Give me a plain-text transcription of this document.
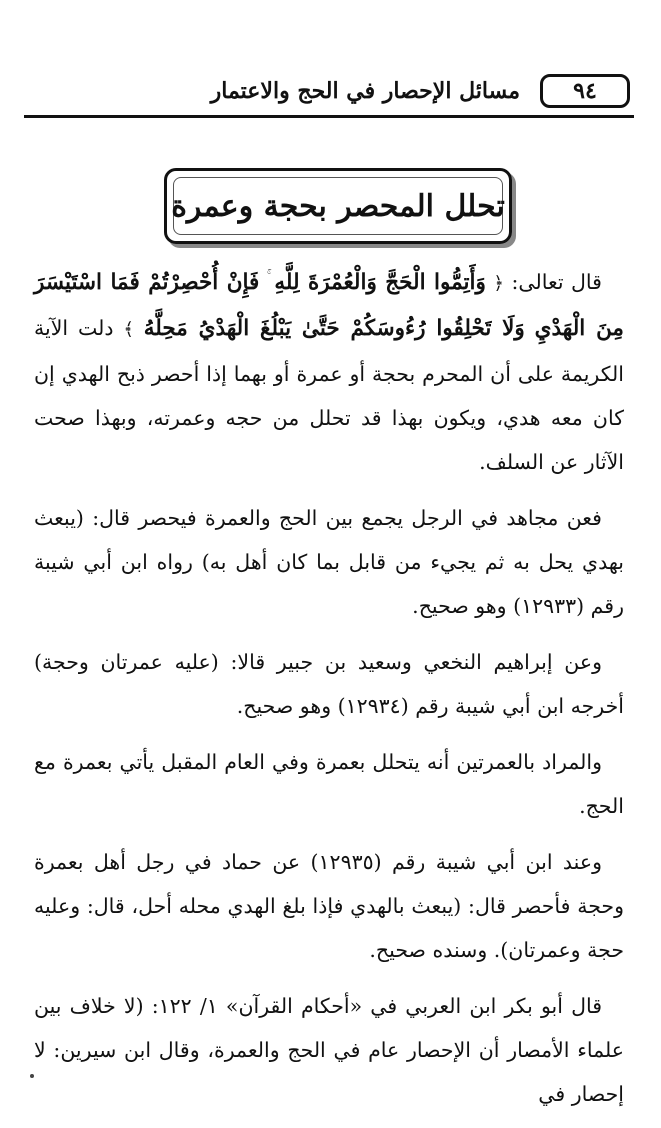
٩٤
مسائل الإحصار في الحج والاعتمار
تحلل المحصر بحجة وعمرة

قال تعالى: ﴿ وَأَتِمُّوا الْحَجَّ وَالْعُمْرَةَ لِلَّهِ فَإِنْ أُحْصِرْتُمْ فَمَا اسْتَيْسَرَ مِنَ الْهَدْيِ وَلَا تَحْلِقُوا رُءُوسَكُمْ حَتَّىٰ يَبْلُغَ الْهَدْيُ مَحِلَّهُ ﴾ دلت الآية الكريمة على أن المحرم بحجة أو عمرة أو بهما إذا أحصر ذبح الهدي إن كان معه هدي، ويكون بهذا قد تحلل من حجه وعمرته، وبهذا صحت الآثار عن السلف.

فعن مجاهد في الرجل يجمع بين الحج والعمرة فيحصر قال: (يبعث بهدي يحل به ثم يجيء من قابل بما كان أهل به) رواه ابن أبي شيبة رقم (١٢٩٣٣) وهو صحيح.

وعن إبراهيم النخعي وسعيد بن جبير قالا: (عليه عمرتان وحجة) أخرجه ابن أبي شيبة رقم (١٢٩٣٤) وهو صحيح.

والمراد بالعمرتين أنه يتحلل بعمرة وفي العام المقبل يأتي بعمرة مع الحج.

وعند ابن أبي شيبة رقم (١٢٩٣٥) عن حماد في رجل أهل بعمرة وحجة فأحصر قال: (يبعث بالهدي فإذا بلغ الهدي محله أحل، قال: وعليه حجة وعمرتان). وسنده صحيح.

قال أبو بكر ابن العربي في «أحكام القرآن» ١/ ١٢٢: (لا خلاف بين علماء الأمصار أن الإحصار عام في الحج والعمرة، وقال ابن سيرين: لا إحصار في
